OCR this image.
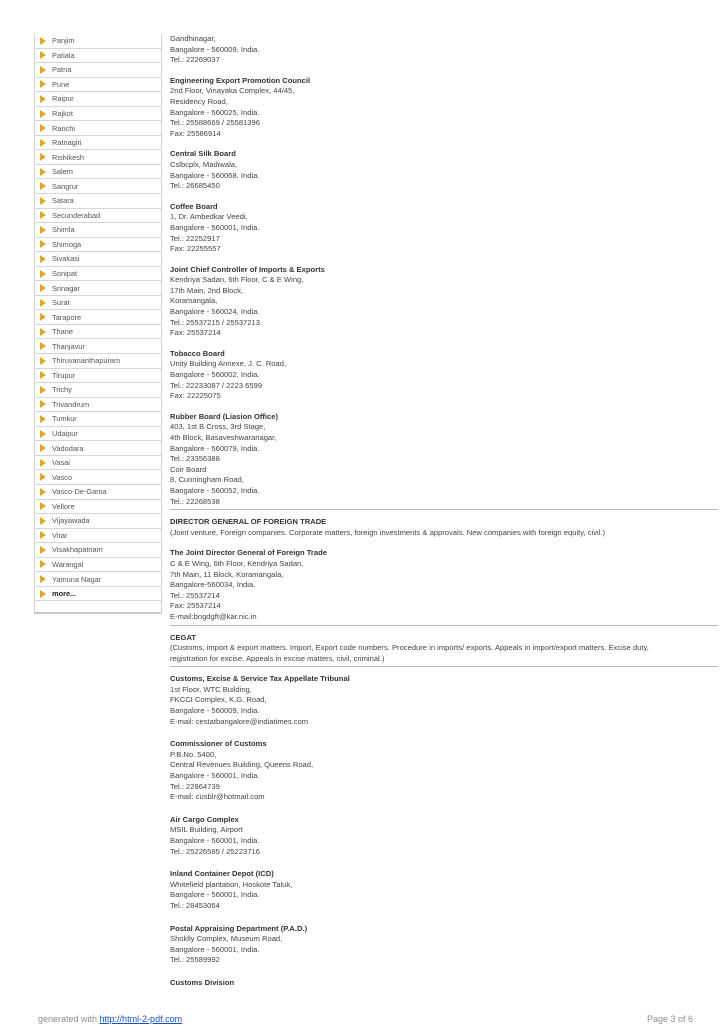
Panjim
Patiala
Patna
Pune
Raipur
Rajkot
Ranchi
Ratnagiri
Rishikesh
Salem
Sangrur
Satara
Secunderabad
Shimla
Shimoga
Sivakasi
Sonipat
Srinagar
Surat
Tarapore
Thane
Thanjavur
Thiruvananthapuram
Tirupur
Trichy
Trivandrum
Tumkur
Udaipur
Vadodara
Vasai
Vasco
Vasco-De-Gama
Vellore
Vijayawada
Virar
Visakhapatnam
Warangal
Yamuna Nagar
more...
Gandhinagar,
Bangalore - 560009, India.
Tel.: 22269037
Engineering Export Promotion Council
2nd Floor, Vinayaka Complex, 44/45,
Residency Road,
Bangalore - 560025, India.
Tel.: 25588669 / 25581396
Fax: 25586914
Central Silk Board
Cslbcplx, Madiwala,
Bangalore - 560068, India.
Tel.: 26685450
Coffee Board
1, Dr. Ambedkar Veedi,
Bangalore - 560001, India.
Tel.: 22252917
Fax: 22255557
Joint Chief Controller of Imports & Exports
Kendriya Sadan, 6th Floor, C & E Wing,
17th Main, 2nd Block,
Koramangala,
Bangalore - 560024, India.
Tel.: 25537215 / 25537213
Fax: 25537214
Tobacco Board
Unity Building Annexe, J. C. Road,
Bangalore - 560002, India.
Tel.: 22233087 / 2223 6599
Fax: 22225075
Rubber Board (Liasion Office)
403, 1st B Cross, 3rd Stage,
4th Block, Basaveshwaranagar,
Bangalore - 560079, India.
Tel.: 23356388
Coir Board
8, Cunningham Road,
Bangalore - 560052, India.
Tel.: 22268538
DIRECTOR GENERAL OF FOREIGN TRADE
(Joint venture, Foreign companies. Corporate matters, foreign investments & approvals. New companies with foreign equity, civil.)
The Joint Director General of Foreign Trade
C & E Wing, 6th Floor, Kendriya Sadan,
7th Main, 11 Block, Koramangala,
Bangalore-560034, India.
Tel.: 25537214
Fax: 25537214
E-mail:bngdgft@kar.nic.in
CEGAT
(Customs, import & export matters. Import, Export code numbers. Procedure in imports/ exports. Appeals in import/export matters. Excise duty,
registration for excise. Appeals in excise matters, civil, criminal.)
Customs, Excise & Service Tax Appellate Tribunal
1st Floor, WTC Building,
FKCCI Complex, K.G. Road,
Bangalore - 560009, India.
E-mail: cestatbangalore@indiatimes.com
Commissioner of Customs
P.B.No. 5400,
Central Revenues Building, Queens Road,
Bangalore - 560001, India.
Tel.: 22864739
E-mail: cusblr@hotmail.com
Air Cargo Complex
MSIL Building, Airport
Bangalore - 560001, India.
Tel.: 25226585 / 25223716
Inland Container Depot (ICD)
Whitefield plantation, Hoskote Taluk,
Bangalore - 560001, India.
Tel.: 28453064
Postal Appraising Department (P.A.D.)
Shoklly Complex, Museum Road,
Bangalore - 560001, India.
Tel.: 25589992
Customs Division
generated with http://html-2-pdf.com	Page 3 of 6
